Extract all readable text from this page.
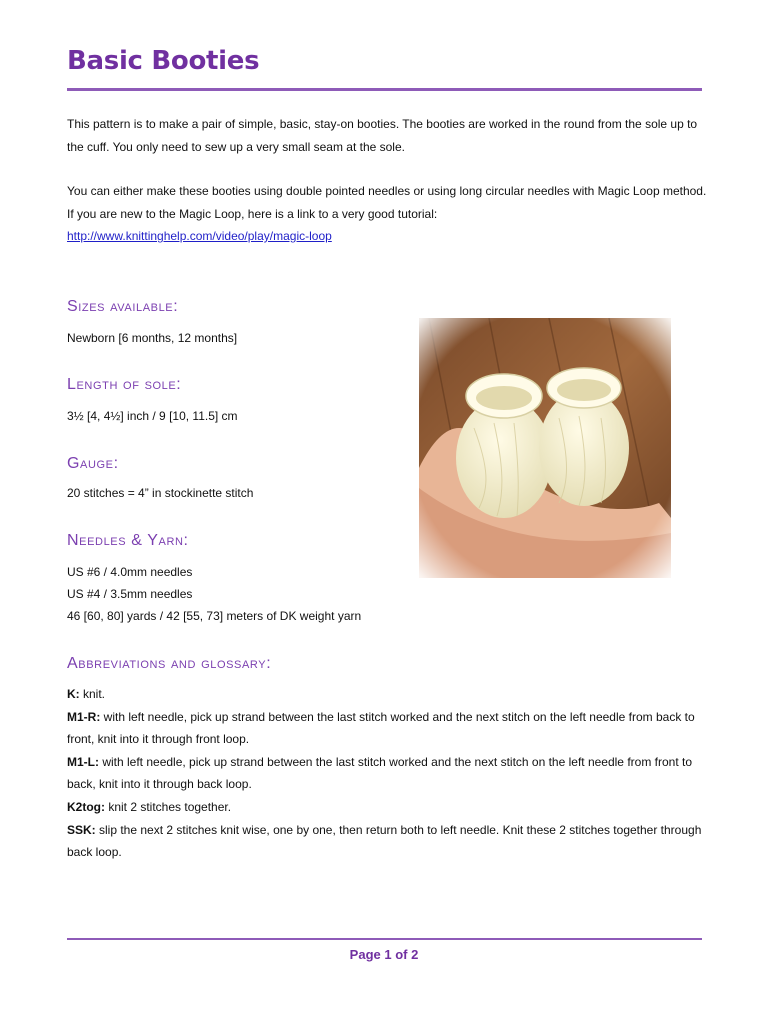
Basic Booties
This pattern is to make a pair of simple, basic, stay-on booties. The booties are worked in the round from the sole up to the cuff. You only need to sew up a very small seam at the sole.
You can either make these booties using double pointed needles or using long circular needles with Magic Loop method. If you are new to the Magic Loop, here is a link to a very good tutorial:
http://www.knittinghelp.com/video/play/magic-loop
Sizes available:
Newborn [6 months, 12 months]
Length of sole:
3½ [4, 4½] inch / 9 [10, 11.5] cm
Gauge:
20 stitches = 4” in stockinette stitch
Needles & Yarn:
US #6 / 4.0mm needles
US #4 / 3.5mm needles
46 [60, 80] yards / 42 [55, 73] meters of DK weight yarn
Abbreviations and glossary:
K: knit.
M1-R: with left needle, pick up strand between the last stitch worked and the next stitch on the left needle from back to front, knit into it through front loop.
M1-L: with left needle, pick up strand between the last stitch worked and the next stitch on the left needle from front to back, knit into it through back loop.
K2tog: knit 2 stitches together.
SSK: slip the next 2 stitches knit wise, one by one, then return both to left needle. Knit these 2 stitches together through back loop.
Page 1 of 2
